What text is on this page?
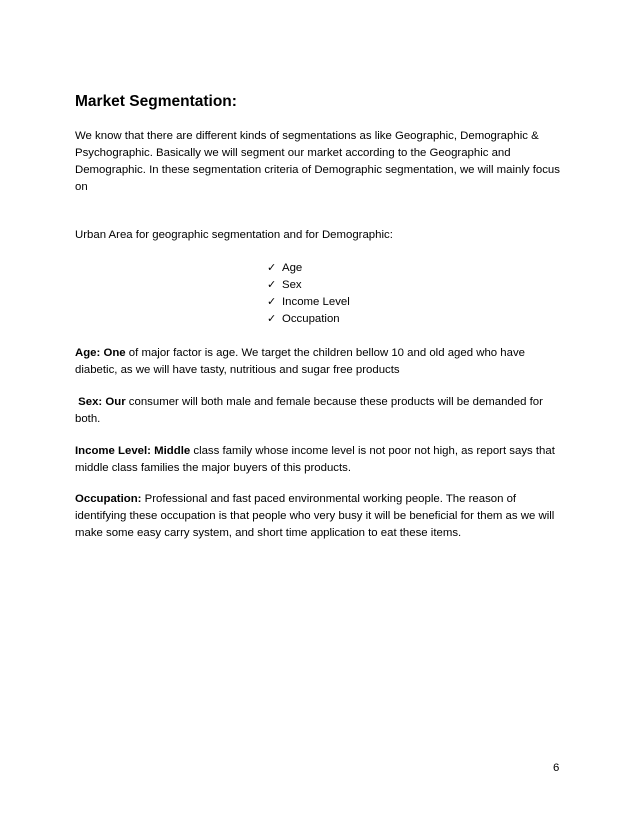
Market Segmentation:

We know that there are different kinds of segmentations as like Geographic, Demographic & Psychographic. Basically we will segment our market according to the Geographic and Demographic. In these segmentation criteria of Demographic segmentation, we will mainly focus on

Urban Area for geographic segmentation and for Demographic:

✓ Age
✓ Sex
✓ Income Level
✓ Occupation

Age: One of major factor is age. We target the children bellow 10 and old aged who have diabetic, as we will have tasty, nutritious and sugar free products

Sex: Our consumer will both male and female because these products will be demanded for both.

Income Level: Middle class family whose income level is not poor not high, as report says that middle class families the major buyers of this products.

Occupation: Professional and fast paced environmental working people. The reason of identifying these occupation is that people who very busy it will be beneficial for them as we will make some easy carry system, and short time application to eat these items.

6
